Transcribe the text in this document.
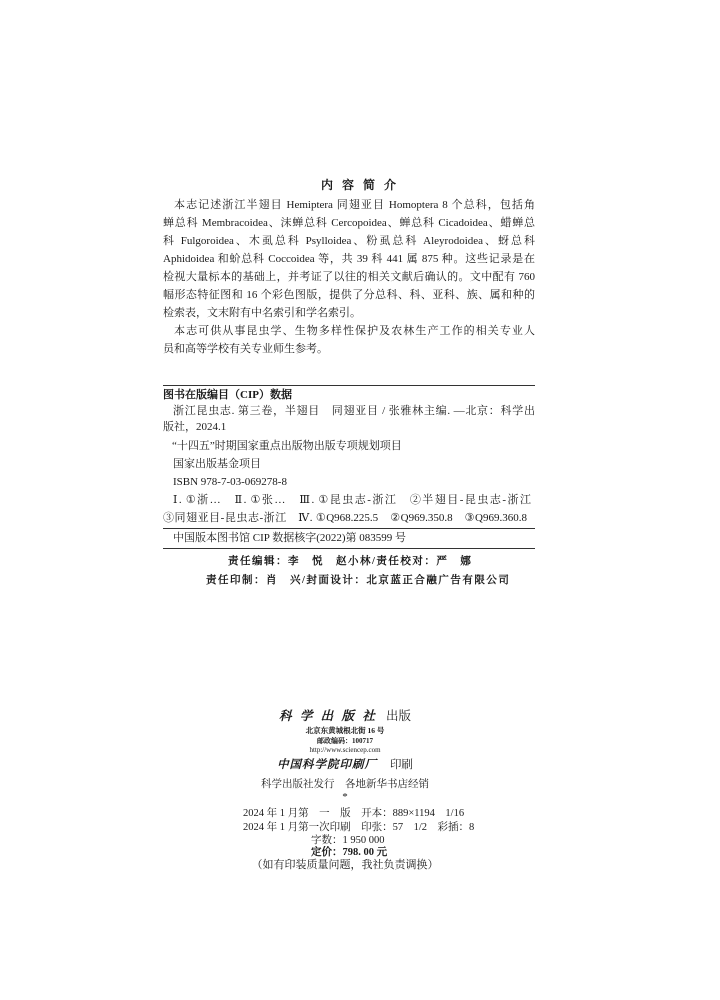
内 容 简 介
本志记述浙江半翅目 Hemiptera 同翅亚目 Homoptera 8 个总科，包括角
蝉总科 Membracoidea、沫蝉总科 Cercopoidea、蝉总科 Cicadoidea、蜡蝉总
科 Fulgoroidea、木虱总科 Psylloidea、粉虱总科 Aleyrodoidea、蚜总科
Aphidoidea 和蚧总科 Coccoidea 等，共 39 科 441 属 875 种。这些记录是在
检视大量标本的基础上，并考证了以往的相关文献后确认的。文中配有 760
幅形态特征图和 16 个彩色图版，提供了分总科、科、亚科、族、属和种的
检索表，文末附有中名索引和学名索引。
本志可供从事昆虫学、生物多样性保护及农林生产工作的相关专业人
员和高等学校有关专业师生参考。
图书在版编目（CIP）数据
浙江昆虫志. 第三卷，半翅目　同翅亚目 / 张雅林主编. —北京：科学出
版社，2024.1
“十四五”时期国家重点出版物出版专项规划项目
国家出版基金项目
ISBN 978-7-03-069278-8
Ⅰ. ①浙…　Ⅱ. ①张…　Ⅲ. ①昆虫志-浙江　②半翅目-昆虫志-浙江
③同翅亚目-昆虫志-浙江　Ⅳ. ①Q968.225.5　②Q969.350.8　③Q969.360.8
中国版本图书馆 CIP 数据核字(2022)第 083599 号
责任编辑：李　悦　赵小林/责任校对：严　娜
责任印制：肖　兴/封面设计：北京蓝正合融广告有限公司
科 学 出 版 社 出版
北京东黄城根北街 16 号
邮政编码：100717
http://www.sciencep.com
中国科学院印刷厂 印刷
科学出版社发行　各地新华书店经销
*
2024 年 1 月第　一　版　开本：889×1194　1/16
2024 年 1 月第一次印刷　印张：57　1/2　彩插：8
字数：1 950 000
定价：798. 00 元
（如有印装质量问题，我社负责调换）
